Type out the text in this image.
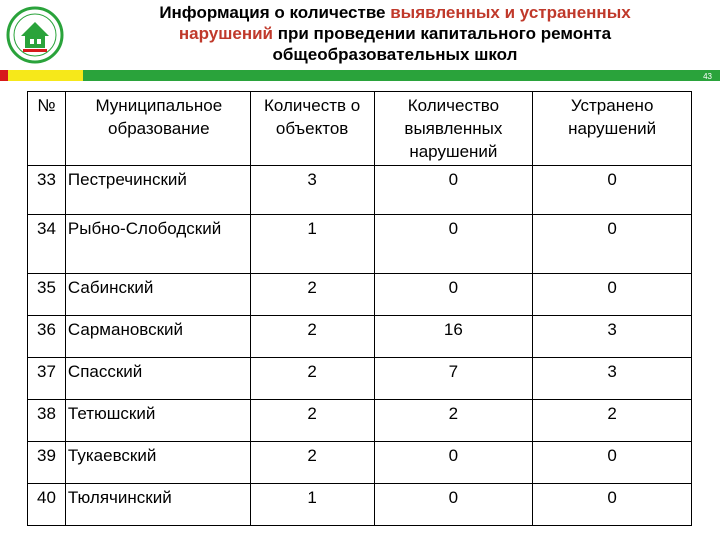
Информация о количестве выявленных и устраненных
нарушений при проведении капитального ремонта
общеобразовательных школ
43
№	Муниципальное образование	Количеств о объектов	Количество выявленных нарушений	Устранено нарушений
33	Пестречинский	3	0	0
34	Рыбно-Слободский	1	0	0
35	Сабинский	2	0	0
36	Сармановский	2	16	3
37	Спасский	2	7	3
38	Тетюшский	2	2	2
39	Тукаевский	2	0	0
40	Тюлячинский	1	0	0
